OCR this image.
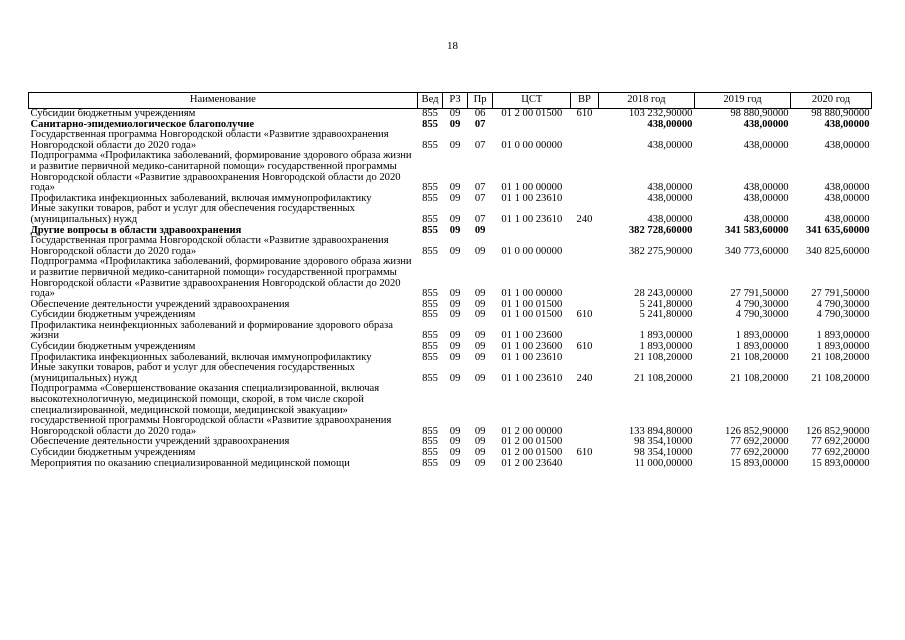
18
Наименование	Вед	РЗ	Пр	ЦСТ	ВР	2018 год	2019 год	2020 год
Субсидии бюджетным учреждениям	855	09	06	01 2 00 01500	610	103 232,90000	98 880,90000	98 880,90000
Санитарно-эпидемиологическое благополучие	855	09	07			438,00000	438,00000	438,00000
Государственная программа Новгородской области «Развитие здравоохранения Новгородской области до 2020 года»	855	09	07	01 0 00 00000		438,00000	438,00000	438,00000
Подпрограмма «Профилактика заболеваний, формирование здорового образа жизни и развитие первичной медико-санитарной помощи» государственной программы Новгородской области «Развитие здравоохранения Новгородской области до 2020 года»	855	09	07	01 1 00 00000		438,00000	438,00000	438,00000
Профилактика инфекционных заболеваний, включая иммунопрофилактику	855	09	07	01 1 00 23610		438,00000	438,00000	438,00000
Иные закупки товаров, работ и услуг для обеспечения государственных (муниципальных) нужд	855	09	07	01 1 00 23610	240	438,00000	438,00000	438,00000
Другие вопросы в области здравоохранения	855	09	09			382 728,60000	341 583,60000	341 635,60000
Государственная программа Новгородской области «Развитие здравоохранения Новгородской области до 2020 года»	855	09	09	01 0 00 00000		382 275,90000	340 773,60000	340 825,60000
Подпрограмма «Профилактика заболеваний, формирование здорового образа жизни и развитие первичной медико-санитарной помощи» государственной программы Новгородской области «Развитие здравоохранения Новгородской области до 2020 года»	855	09	09	01 1 00 00000		28 243,00000	27 791,50000	27 791,50000
Обеспечение деятельности учреждений здравоохранения	855	09	09	01 1 00 01500		5 241,80000	4 790,30000	4 790,30000
Субсидии бюджетным учреждениям	855	09	09	01 1 00 01500	610	5 241,80000	4 790,30000	4 790,30000
Профилактика неинфекционных заболеваний и формирование здорового образа жизни	855	09	09	01 1 00 23600		1 893,00000	1 893,00000	1 893,00000
Субсидии бюджетным учреждениям	855	09	09	01 1 00 23600	610	1 893,00000	1 893,00000	1 893,00000
Профилактика инфекционных заболеваний, включая иммунопрофилактику	855	09	09	01 1 00 23610		21 108,20000	21 108,20000	21 108,20000
Иные закупки товаров, работ и услуг для обеспечения государственных (муниципальных) нужд	855	09	09	01 1 00 23610	240	21 108,20000	21 108,20000	21 108,20000
Подпрограмма «Совершенствование оказания специализированной, включая высокотехнологичную, медицинской помощи, скорой, в том числе скорой специализированной, медицинской помощи, медицинской эвакуации» государственной программы Новгородской области «Развитие здравоохранения Новгородской области до 2020 года»	855	09	09	01 2 00 00000		133 894,80000	126 852,90000	126 852,90000
Обеспечение деятельности учреждений здравоохранения	855	09	09	01 2 00 01500		98 354,10000	77 692,20000	77 692,20000
Субсидии бюджетным учреждениям	855	09	09	01 2 00 01500	610	98 354,10000	77 692,20000	77 692,20000
Мероприятия по оказанию специализированной медицинской помощи	855	09	09	01 2 00 23640		11 000,00000	15 893,00000	15 893,00000
